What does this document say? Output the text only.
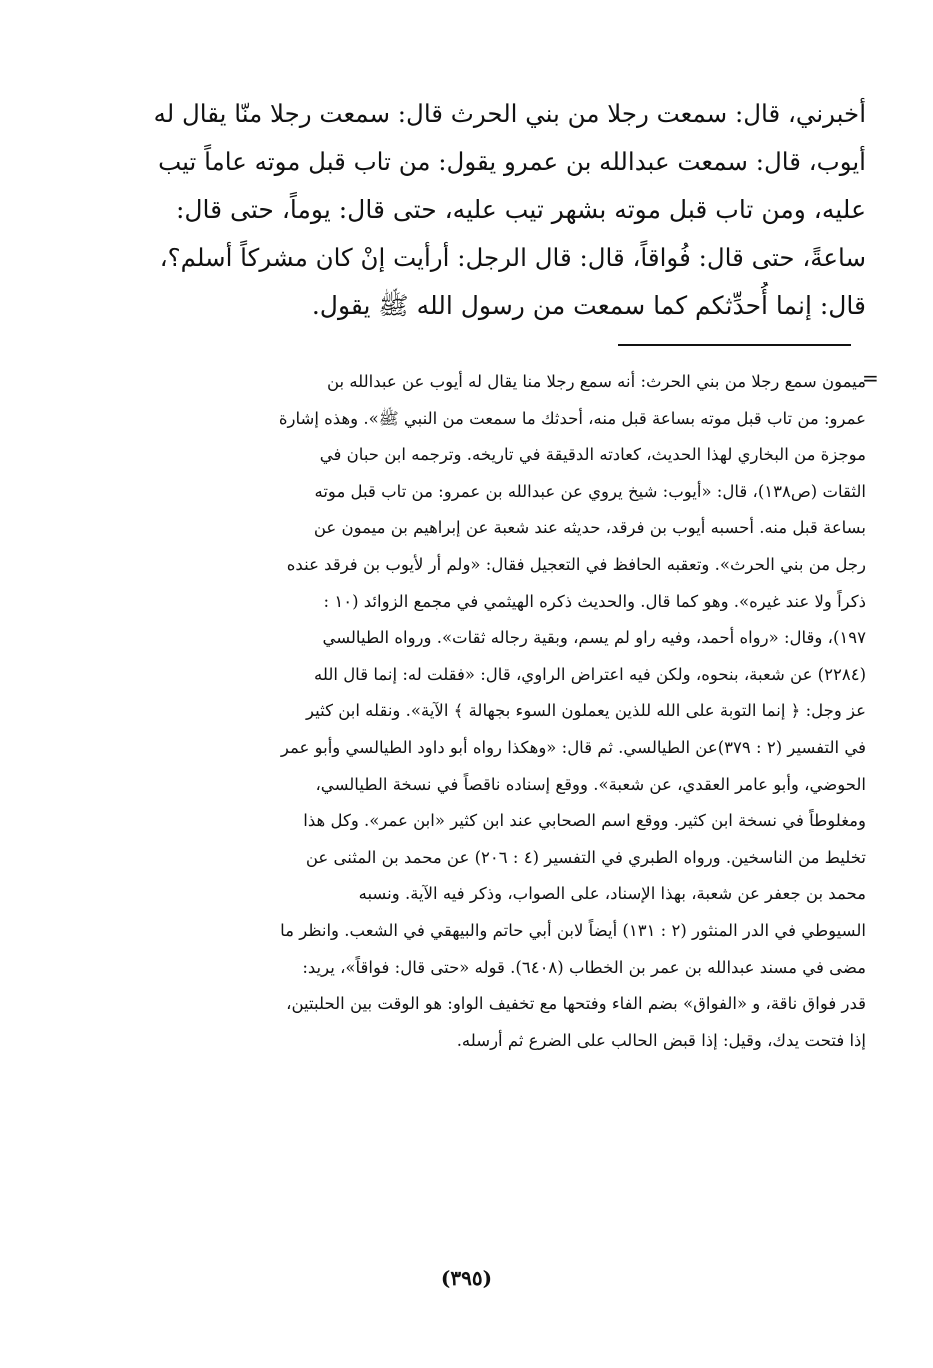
أخبرني، قال: سمعت رجلا من بني الحرث قال: سمعت رجلا منّا يقال له
أيوب، قال: سمعت عبدالله بن عمرو يقول: من تاب قبل موته عاماً تيب
عليه، ومن تاب قبل موته بشهر تيب عليه، حتى قال: يوماً، حتى قال:
ساعةً، حتى قال: فُواقاً، قال: قال الرجل: أرأيت إنْ كان مشركاً أسلم؟،
قال: إنما أُحدِّثكم كما سمعت من رسول الله ﷺ يقول.
=
ميمون سمع رجلا من بني الحرث: أنه سمع رجلا منا يقال له أيوب عن عبدالله بن
عمرو: من تاب قبل موته بساعة قبل منه، أحدثك ما سمعت من النبي ﷺ». وهذه إشارة
موجزة من البخاري لهذا الحديث، كعادته الدقيقة في تاريخه. وترجمه ابن حبان في
الثقات (ص١٣٨)، قال: «أيوب: شيخ يروي عن عبدالله بن عمرو: من تاب قبل موته
بساعة قبل منه. أحسبه أيوب بن فرقد، حديثه عند شعبة عن إبراهيم بن ميمون عن
رجل من بني الحرث». وتعقبه الحافظ في التعجيل فقال: «ولم أر لأيوب بن فرقد عنده
ذكراً ولا عند غيره». وهو كما قال. والحديث ذكره الهيثمي في مجمع الزوائد (١٠ :
١٩٧)، وقال: «رواه أحمد، وفيه راو لم يسم، وبقية رجاله ثقات». ورواه الطيالسي
(٢٢٨٤) عن شعبة، بنحوه، ولكن فيه اعتراض الراوي، قال: «فقلت له: إنما قال الله
عز وجل: ﴿ إنما التوبة على الله للذين يعملون السوء بجهالة ﴾ الآية». ونقله ابن كثير
في التفسير (٢ : ٣٧٩)عن الطيالسي. ثم قال: «وهكذا رواه أبو داود الطيالسي وأبو عمر
الحوضي، وأبو عامر العقدي، عن شعبة». ووقع إسناده ناقصاً في نسخة الطيالسي،
ومغلوطاً في نسخة ابن كثير. ووقع اسم الصحابي عند ابن كثير «ابن عمر». وكل هذا
تخليط من الناسخين. ورواه الطبري في التفسير (٤ : ٢٠٦) عن محمد بن المثنى عن
محمد بن جعفر عن شعبة، بهذا الإسناد، على الصواب، وذكر فيه الآية. ونسبه
السيوطي في الدر المنثور (٢ : ١٣١) أيضاً لابن أبي حاتم والبيهقي في الشعب. وانظر ما
مضى في مسند عبدالله بن عمر بن الخطاب (٦٤٠٨). قوله «حتى قال: فواقاً»، يريد:
قدر فواق ناقة، و «الفواق» بضم الفاء وفتحها مع تخفيف الواو: هو الوقت بين الحلبتين،
إذا فتحت يدك، وقيل: إذا قبض الحالب على الضرع ثم أرسله.
(٣٩٥)
